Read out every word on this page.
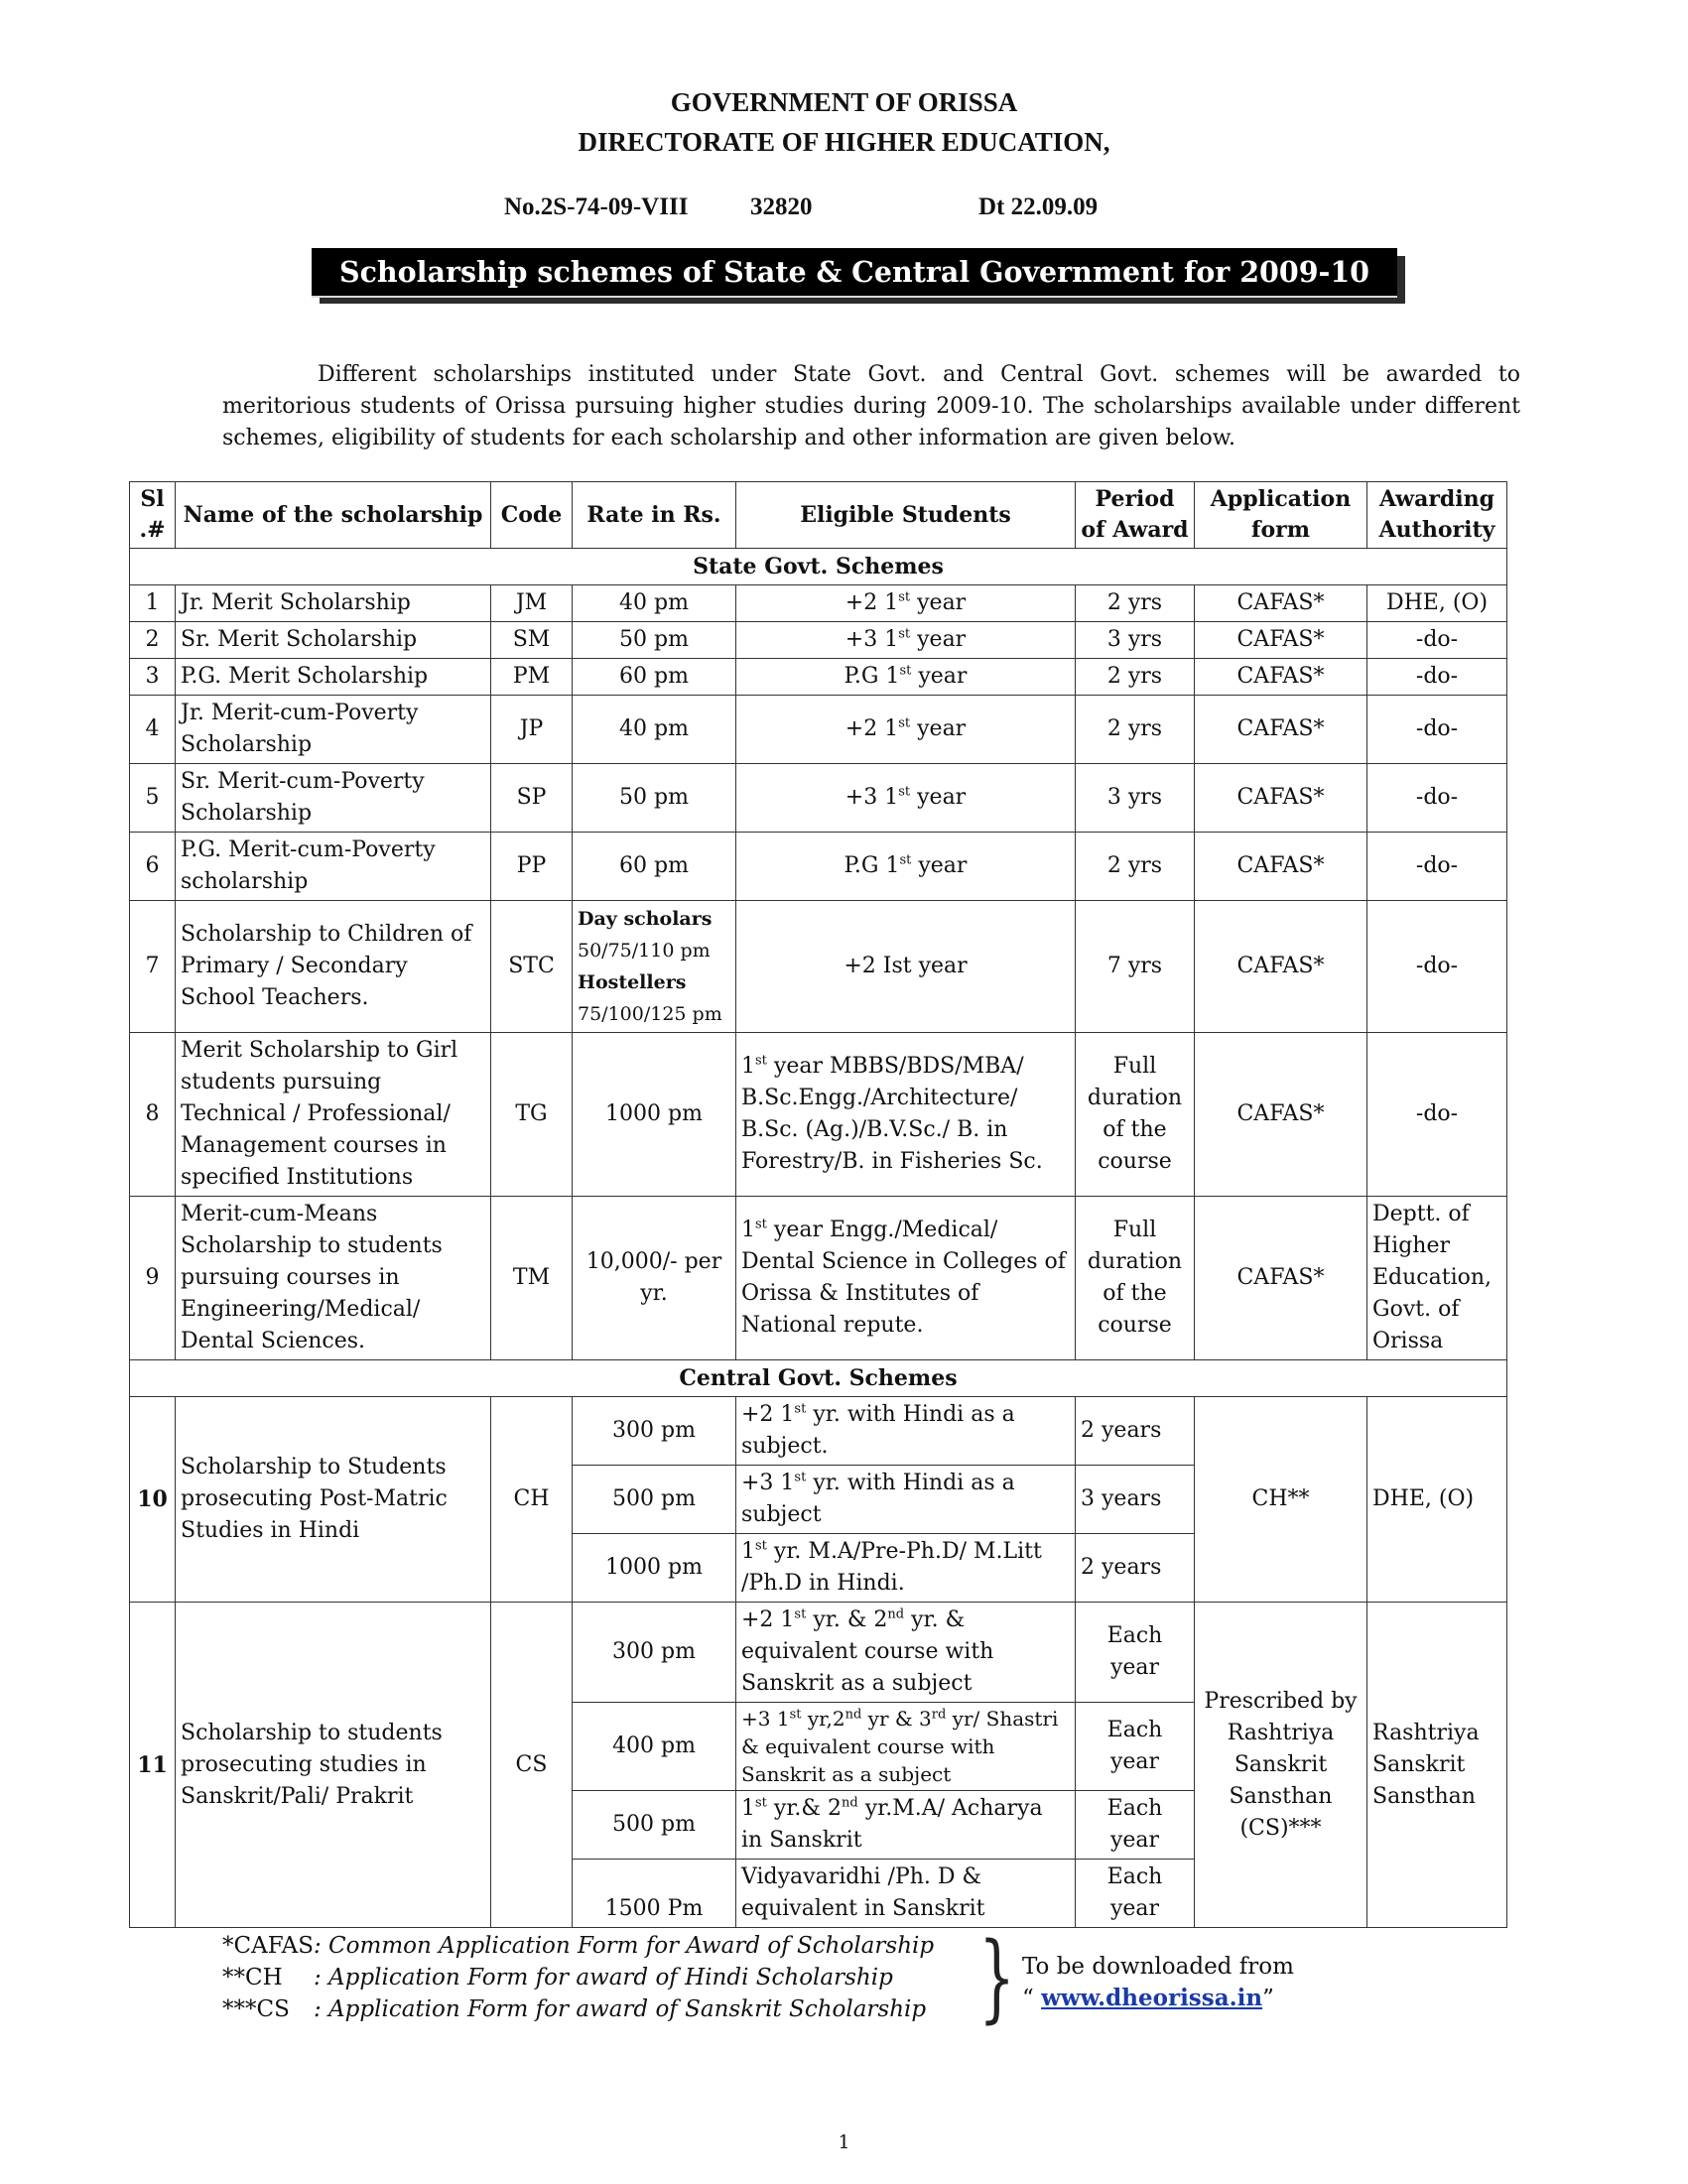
GOVERNMENT OF ORISSA
DIRECTORATE OF HIGHER EDUCATION,
No.2S-74-09-VIII	32820	Dt 22.09.09
Scholarship schemes of State & Central Government for 2009-10

Different scholarships instituted under State Govt. and Central Govt. schemes will be awarded to meritorious students of Orissa pursuing higher studies during 2009-10. The scholarships available under different schemes, eligibility of students for each scholarship and other information are given below.

Sl .#	Name of the scholarship	Code	Rate in Rs.	Eligible Students	Period of Award	Application form	Awarding Authority
State Govt. Schemes							
1	Jr. Merit Scholarship	JM	40 pm	+2 1st year	2 yrs	CAFAS*	DHE, (O)
2	Sr. Merit Scholarship	SM	50 pm	+3 1st year	3 yrs	CAFAS*	-do-
3	P.G. Merit Scholarship	PM	60 pm	P.G 1st year	2 yrs	CAFAS*	-do-
4	Jr. Merit-cum-Poverty Scholarship	JP	40 pm	+2 1st year	2 yrs	CAFAS*	-do-
5	Sr. Merit-cum-Poverty Scholarship	SP	50 pm	+3 1st year	3 yrs	CAFAS*	-do-
6	P.G. Merit-cum-Poverty scholarship	PP	60 pm	P.G 1st year	2 yrs	CAFAS*	-do-
7	Scholarship to Children of Primary / Secondary School Teachers.	STC	Day scholars
50/75/110 pm
Hostellers
75/100/125 pm	+2 Ist year	7 yrs	CAFAS*	-do-
8	Merit Scholarship to Girl students pursuing Technical / Professional/ Management courses in specified Institutions	TG	1000 pm	1st year MBBS/BDS/MBA/ B.Sc.Engg./Architecture/ B.Sc. (Ag.)/B.V.Sc./ B. in Forestry/B. in Fisheries Sc.	Full duration of the course	CAFAS*	-do-
9	Merit-cum-Means Scholarship to students pursuing courses in Engineering/Medical/ Dental Sciences.	TM	10,000/- per yr.	1st year Engg./Medical/ Dental Science in Colleges of Orissa & Institutes of National repute.	Full duration of the course	CAFAS*	Deptt. of Higher Education, Govt. of Orissa
Central Govt. Schemes							
10	Scholarship to Students prosecuting Post-Matric Studies in Hindi	CH	300 pm	+2 1st yr. with Hindi as a subject.	2 years	CH**	DHE, (O)
			500 pm	+3 1st yr. with Hindi as a subject	3 years		
			1000 pm	1st yr. M.A/Pre-Ph.D/ M.Litt /Ph.D in Hindi.	2 years		
11	Scholarship to students prosecuting studies in Sanskrit/Pali/ Prakrit	CS	300 pm	+2 1st yr. & 2nd yr. & equivalent course with Sanskrit as a subject	Each year	Prescribed by Rashtriya Sanskrit Sansthan (CS)***	Rashtriya Sanskrit Sansthan
			400 pm	+3 1st yr,2nd yr & 3rd yr/ Shastri & equivalent course with Sanskrit as a subject	Each year		
			500 pm	1st yr.& 2nd yr.M.A/ Acharya in Sanskrit	Each year		
			1500 Pm	Vidyavaridhi /Ph. D & equivalent in Sanskrit	Each year		
*CAFAS: Common Application Form for Award of Scholarship
**CH : Application Form for award of Hindi Scholarship
***CS : Application Form for award of Sanskrit Scholarship } To be downloaded from
“ www.dheorissa.in”
1
